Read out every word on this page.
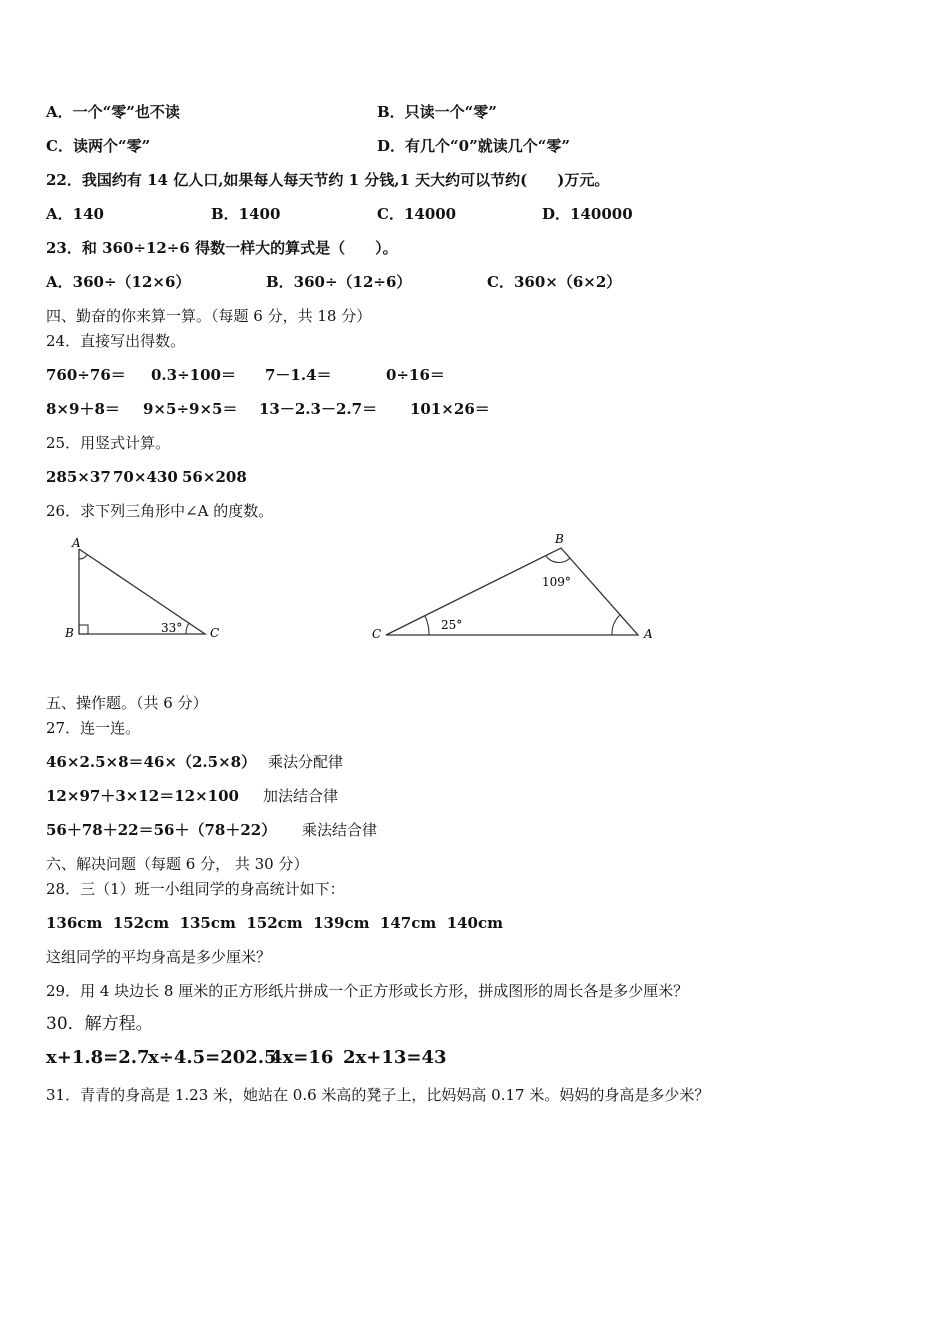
A．一个“零”也不读	B．只读一个“零”
C．读两个“零”	D．有几个“0”就读几个“零”
22．我国约有 14 亿人口,如果每人每天节约 1 分钱,1 天大约可以节约(　　)万元。
A．140	B．1400	C．14000	D．140000
23．和 360÷12÷6 得数一样大的算式是（　　）。
A．360÷（12×6）	B．360÷（12÷6）	C．360×（6×2）
四、勤奋的你来算一算。（每题 6 分，共 18 分）
24．直接写出得数。
760÷76＝ 0.3÷100＝ 7－1.4＝	0÷16＝
8×9＋8＝ 9×5÷9×5＝ 13－2.3－2.7＝ 101×26＝
25．用竖式计算。
285×37 70×430 56×208
26．求下列三角形中∠A 的度数。
A
B	C
33°
B
C	A
109°
25°
五、操作题。（共 6 分）
27．连一连。
46×2.5×8＝46×（2.5×8） 乘法分配律
12×97＋3×12＝12×100 加法结合律
56＋78＋22＝56＋（78＋22） 乘法结合律
六、解决问题（每题 6 分， 共 30 分）
28．三（1）班一小组同学的身高统计如下：
136cm 152cm 135cm 152cm 139cm 147cm 140cm
这组同学的平均身高是多少厘米？
29．用 4 块边长 8 厘米的正方形纸片拼成一个正方形或长方形，拼成图形的周长各是多少厘米？
30．解方程。
x+1.8=2.7
x÷4.5=202.5
4x=16 2x+13=43
31．青青的身高是 1.23 米，她站在 0.6 米高的凳子上，比妈妈高 0.17 米。妈妈的身高是多少米？
